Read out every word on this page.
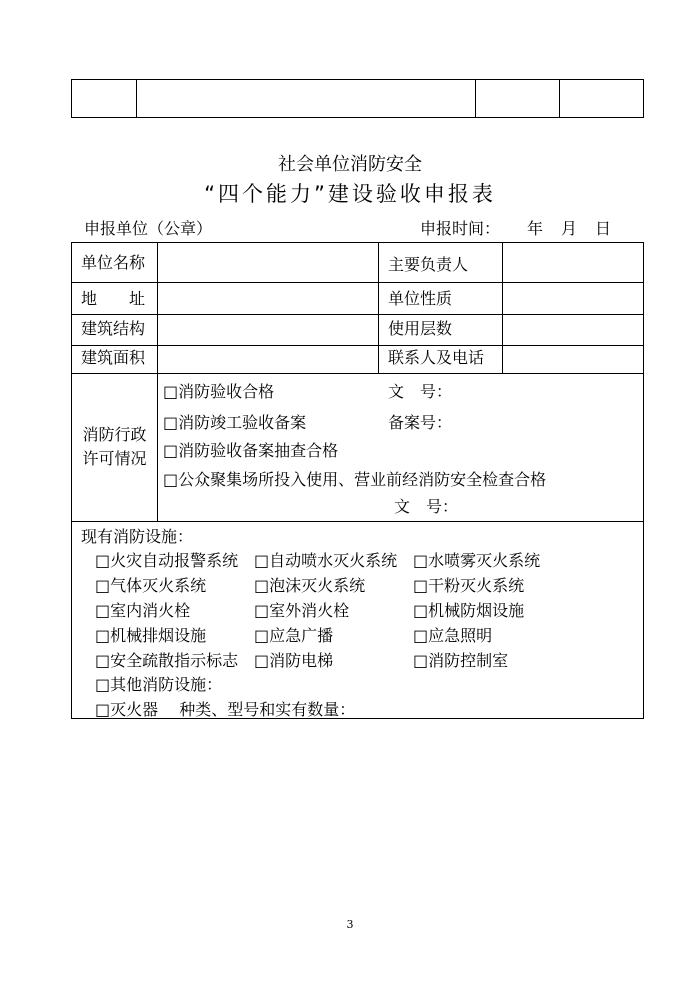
社会单位消防安全
“四个能力”建设验收申报表
申报单位（公章）	申报时间： 年 月 日
单位名称	主要负责人
地　　址	单位性质
建筑结构	使用层数
建筑面积	联系人及电话
消防行政
许可情况
□消防验收合格	文　号：
□消防竣工验收备案	备案号：
□消防验收备案抽查合格
□公众聚集场所投入使用、营业前经消防安全检查合格
文　号：
现有消防设施：
□火灾自动报警系统 □自动喷水灭火系统 □水喷雾灭火系统
□气体灭火系统	□泡沫灭火系统	□干粉灭火系统
□室内消火栓	□室外消火栓	□机械防烟设施
□机械排烟设施	□应急广播	□应急照明
□安全疏散指示标志 □消防电梯	□消防控制室
□其他消防设施：
□灭火器　 种类、型号和实有数量：
3
